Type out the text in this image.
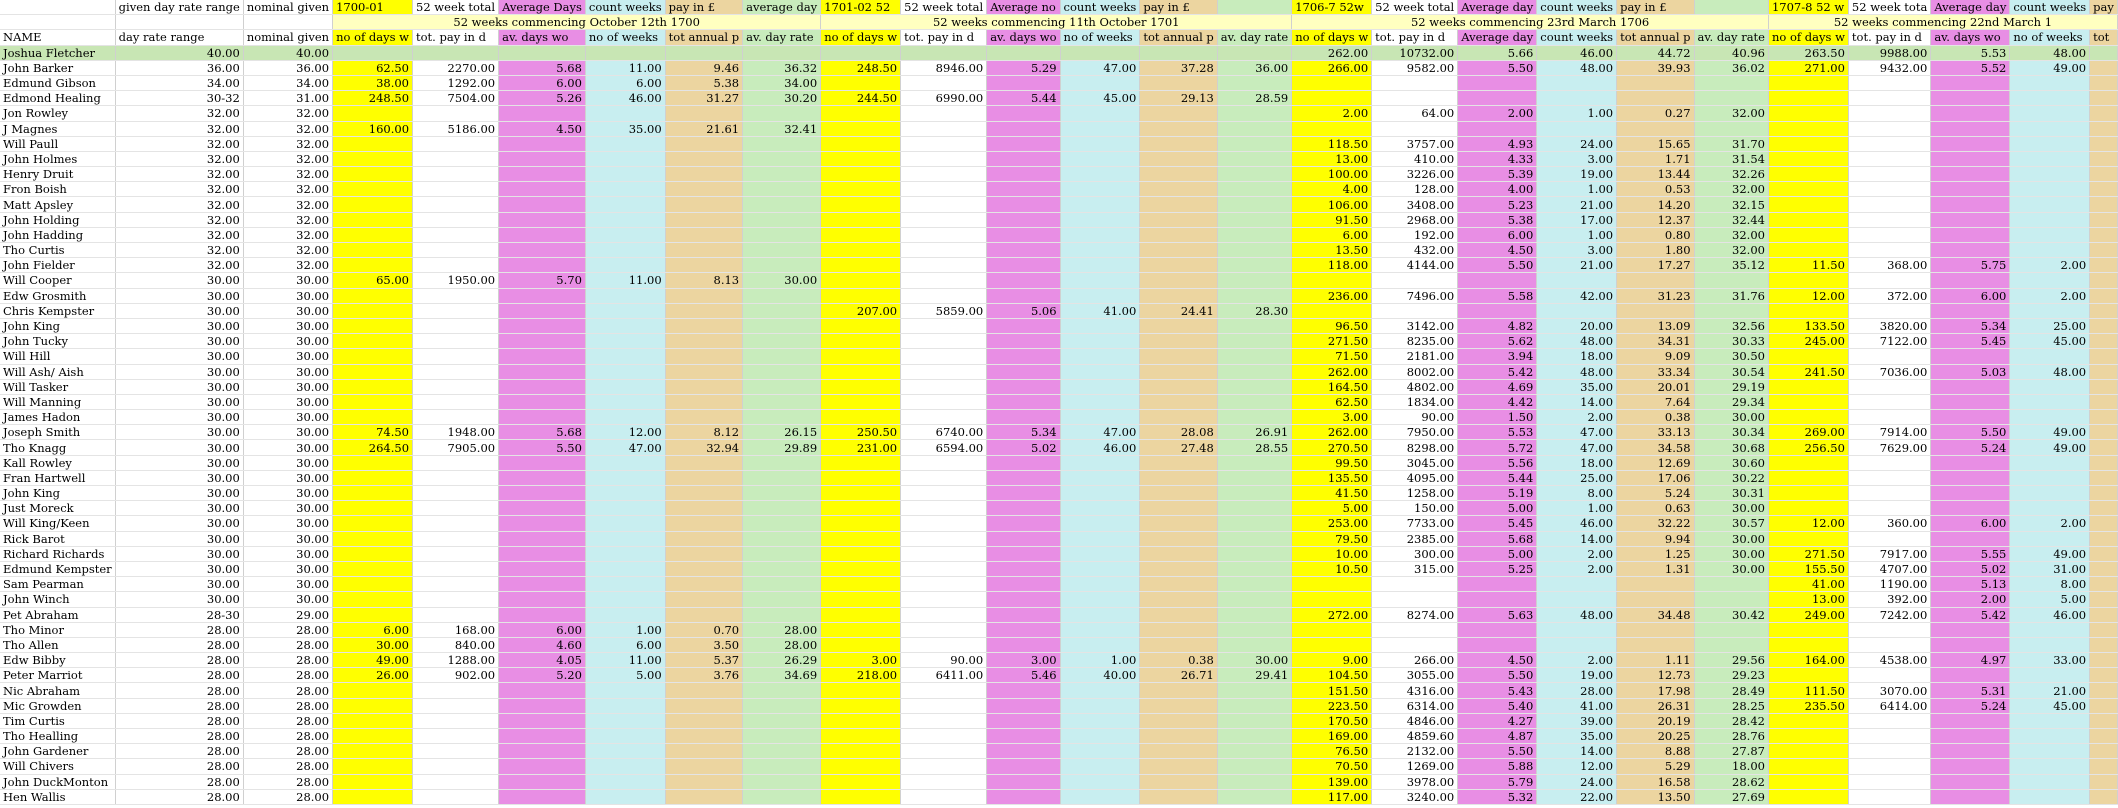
	given day rate range	nominal given	1700-01	52 week total	Average Days	count weeks	pay in £	average day	1701-02 52	52 week total	Average no	count weeks	pay in £		1706-7 52w	52 week total	Average day	count weeks	pay in £		1707-8 52 w	52 week tota	Average day	count weeks	pay
			52 weeks commencing October 12th 1700						52 weeks commencing 11th October 1701						52 weeks commencing 23rd March 1706						52 weeks commencing 22nd March 1				
NAME	day rate range	nominal given	no of days w	tot. pay in d	av. days wo	no of weeks	tot annual p	av. day rate	no of days w	tot. pay in d	av. days wo	no of weeks	tot annual p	av. day rate	no of days w	tot. pay in d	Average day	count weeks	tot annual p	av. day rate	no of days w	tot. pay in d	av. days wo	no of weeks	tot
Joshua Fletcher	40.00	40.00													262.00	10732.00	5.66	46.00	44.72	40.96	263.50	9988.00	5.53	48.00	
John Barker	36.00	36.00	62.50	2270.00	5.68	11.00	9.46	36.32	248.50	8946.00	5.29	47.00	37.28	36.00	266.00	9582.00	5.50	48.00	39.93	36.02	271.00	9432.00	5.52	49.00	
Edmund Gibson	34.00	34.00	38.00	1292.00	6.00	6.00	5.38	34.00																	
Edmond Healing	30-32	31.00	248.50	7504.00	5.26	46.00	31.27	30.20	244.50	6990.00	5.44	45.00	29.13	28.59											
Jon Rowley	32.00	32.00													2.00	64.00	2.00	1.00	0.27	32.00					
J Magnes	32.00	32.00	160.00	5186.00	4.50	35.00	21.61	32.41																	
Will Paull	32.00	32.00													118.50	3757.00	4.93	24.00	15.65	31.70					
John Holmes	32.00	32.00													13.00	410.00	4.33	3.00	1.71	31.54					
Henry Druit	32.00	32.00													100.00	3226.00	5.39	19.00	13.44	32.26					
Fron Boish	32.00	32.00													4.00	128.00	4.00	1.00	0.53	32.00					
Matt Apsley	32.00	32.00													106.00	3408.00	5.23	21.00	14.20	32.15					
John Holding	32.00	32.00													91.50	2968.00	5.38	17.00	12.37	32.44					
John Hadding	32.00	32.00													6.00	192.00	6.00	1.00	0.80	32.00					
Tho Curtis	32.00	32.00													13.50	432.00	4.50	3.00	1.80	32.00					
John Fielder	32.00	32.00													118.00	4144.00	5.50	21.00	17.27	35.12	11.50	368.00	5.75	2.00	
Will Cooper	30.00	30.00	65.00	1950.00	5.70	11.00	8.13	30.00																	
Edw Grosmith	30.00	30.00													236.00	7496.00	5.58	42.00	31.23	31.76	12.00	372.00	6.00	2.00	
Chris Kempster	30.00	30.00							207.00	5859.00	5.06	41.00	24.41	28.30											
John King	30.00	30.00													96.50	3142.00	4.82	20.00	13.09	32.56	133.50	3820.00	5.34	25.00	
John Tucky	30.00	30.00													271.50	8235.00	5.62	48.00	34.31	30.33	245.00	7122.00	5.45	45.00	
Will Hill	30.00	30.00													71.50	2181.00	3.94	18.00	9.09	30.50					
Will Ash/ Aish	30.00	30.00													262.00	8002.00	5.42	48.00	33.34	30.54	241.50	7036.00	5.03	48.00	
Will Tasker	30.00	30.00													164.50	4802.00	4.69	35.00	20.01	29.19					
Will Manning	30.00	30.00													62.50	1834.00	4.42	14.00	7.64	29.34					
James Hadon	30.00	30.00													3.00	90.00	1.50	2.00	0.38	30.00					
Joseph Smith	30.00	30.00	74.50	1948.00	5.68	12.00	8.12	26.15	250.50	6740.00	5.34	47.00	28.08	26.91	262.00	7950.00	5.53	47.00	33.13	30.34	269.00	7914.00	5.50	49.00	
Tho Knagg	30.00	30.00	264.50	7905.00	5.50	47.00	32.94	29.89	231.00	6594.00	5.02	46.00	27.48	28.55	270.50	8298.00	5.72	47.00	34.58	30.68	256.50	7629.00	5.24	49.00	
Kall Rowley	30.00	30.00													99.50	3045.00	5.56	18.00	12.69	30.60					
Fran Hartwell	30.00	30.00													135.50	4095.00	5.44	25.00	17.06	30.22					
John King	30.00	30.00													41.50	1258.00	5.19	8.00	5.24	30.31					
Just Moreck	30.00	30.00													5.00	150.00	5.00	1.00	0.63	30.00					
Will King/Keen	30.00	30.00													253.00	7733.00	5.45	46.00	32.22	30.57	12.00	360.00	6.00	2.00	
Rick Barot	30.00	30.00													79.50	2385.00	5.68	14.00	9.94	30.00					
Richard Richards	30.00	30.00													10.00	300.00	5.00	2.00	1.25	30.00	271.50	7917.00	5.55	49.00	
Edmund Kempster	30.00	30.00													10.50	315.00	5.25	2.00	1.31	30.00	155.50	4707.00	5.02	31.00	
Sam Pearman	30.00	30.00																			41.00	1190.00	5.13	8.00	
John Winch	30.00	30.00																			13.00	392.00	2.00	5.00	
Pet Abraham	28-30	29.00													272.00	8274.00	5.63	48.00	34.48	30.42	249.00	7242.00	5.42	46.00	
Tho Minor	28.00	28.00	6.00	168.00	6.00	1.00	0.70	28.00																	
Tho Allen	28.00	28.00	30.00	840.00	4.60	6.00	3.50	28.00																	
Edw Bibby	28.00	28.00	49.00	1288.00	4.05	11.00	5.37	26.29	3.00	90.00	3.00	1.00	0.38	30.00	9.00	266.00	4.50	2.00	1.11	29.56	164.00	4538.00	4.97	33.00	
Peter Marriot	28.00	28.00	26.00	902.00	5.20	5.00	3.76	34.69	218.00	6411.00	5.46	40.00	26.71	29.41	104.50	3055.00	5.50	19.00	12.73	29.23					
Nic Abraham	28.00	28.00													151.50	4316.00	5.43	28.00	17.98	28.49	111.50	3070.00	5.31	21.00	
Mic Growden	28.00	28.00													223.50	6314.00	5.40	41.00	26.31	28.25	235.50	6414.00	5.24	45.00	
Tim Curtis	28.00	28.00													170.50	4846.00	4.27	39.00	20.19	28.42					
Tho Healling	28.00	28.00													169.00	4859.60	4.87	35.00	20.25	28.76					
John Gardener	28.00	28.00													76.50	2132.00	5.50	14.00	8.88	27.87					
Will Chivers	28.00	28.00													70.50	1269.00	5.88	12.00	5.29	18.00					
John DuckMonton	28.00	28.00													139.00	3978.00	5.79	24.00	16.58	28.62					
Hen Wallis	28.00	28.00													117.00	3240.00	5.32	22.00	13.50	27.69					
